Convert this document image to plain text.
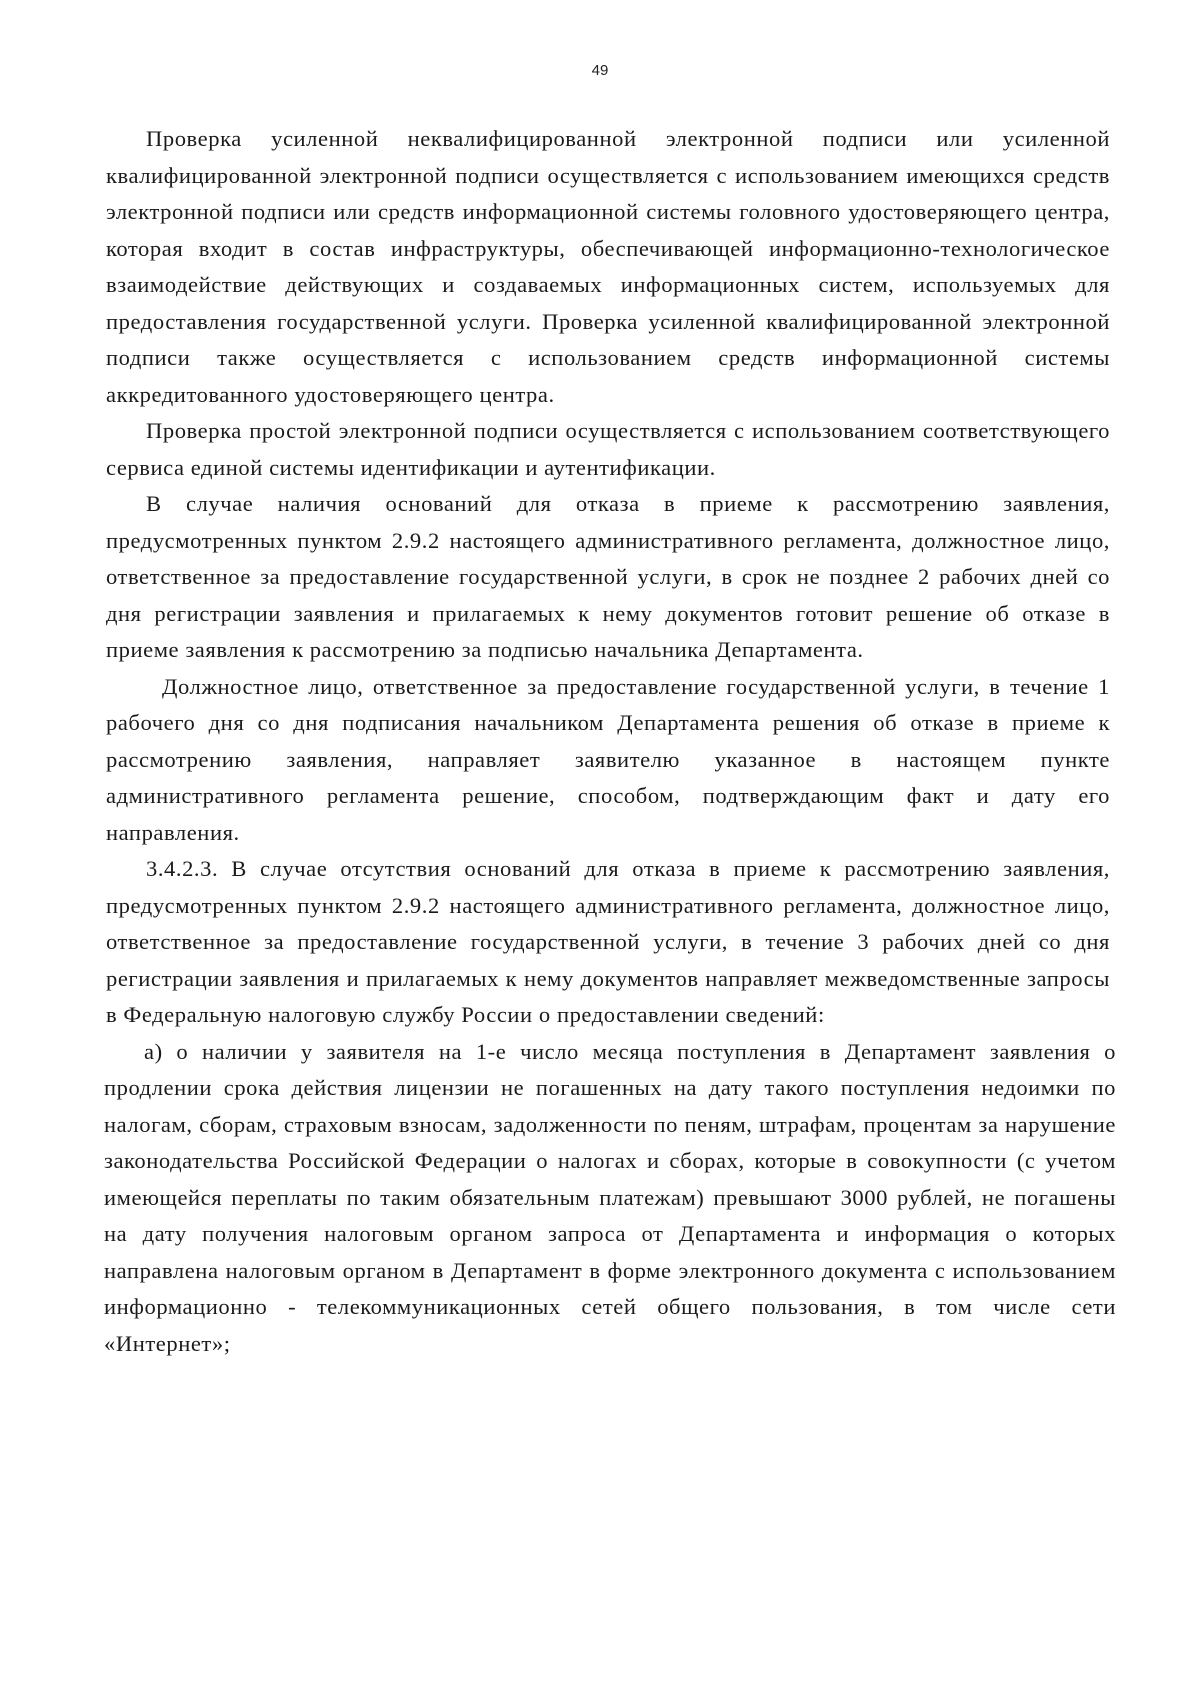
49

Проверка усиленной неквалифицированной электронной подписи или усиленной квалифицированной электронной подписи осуществляется с использованием имеющихся средств электронной подписи или средств информационной системы головного удостоверяющего центра, которая входит в состав инфраструктуры, обеспечивающей информационно-технологическое взаимодействие действующих и создаваемых информационных систем, используемых для предоставления государственной услуги. Проверка усиленной квалифицированной электронной подписи также осуществляется с использованием средств информационной системы аккредитованного удостоверяющего центра.

Проверка простой электронной подписи осуществляется с использованием соответствующего сервиса единой системы идентификации и аутентификации.

В случае наличия оснований для отказа в приеме к рассмотрению заявления, предусмотренных пунктом 2.9.2 настоящего административного регламента, должностное лицо, ответственное за предоставление государственной услуги, в срок не позднее 2 рабочих дней со дня регистрации заявления и прилагаемых к нему документов готовит решение об отказе в приеме заявления к рассмотрению за подписью начальника Департамента.

Должностное лицо, ответственное за предоставление государственной услуги, в течение 1 рабочего дня со дня подписания начальником Департамента решения об отказе в приеме к рассмотрению заявления, направляет заявителю указанное в настоящем пункте административного регламента решение, способом, подтверждающим факт и дату его направления.

3.4.2.3. В случае отсутствия оснований для отказа в приеме к рассмотрению заявления, предусмотренных пунктом 2.9.2 настоящего административного регламента, должностное лицо, ответственное за предоставление государственной услуги, в течение 3 рабочих дней со дня регистрации заявления и прилагаемых к нему документов направляет межведомственные запросы в Федеральную налоговую службу России о предоставлении сведений:

а) о наличии у заявителя на 1-е число месяца поступления в Департамент заявления о продлении срока действия лицензии не погашенных на дату такого поступления недоимки по налогам, сборам, страховым взносам, задолженности по пеням, штрафам, процентам за нарушение законодательства Российской Федерации о налогах и сборах, которые в совокупности (с учетом имеющейся переплаты по таким обязательным платежам) превышают 3000 рублей, не погашены на дату получения налоговым органом запроса от Департамента и информация о которых направлена налоговым органом в Департамент в форме электронного документа с использованием информационно - телекоммуникационных сетей общего пользования, в том числе сети «Интернет»;
